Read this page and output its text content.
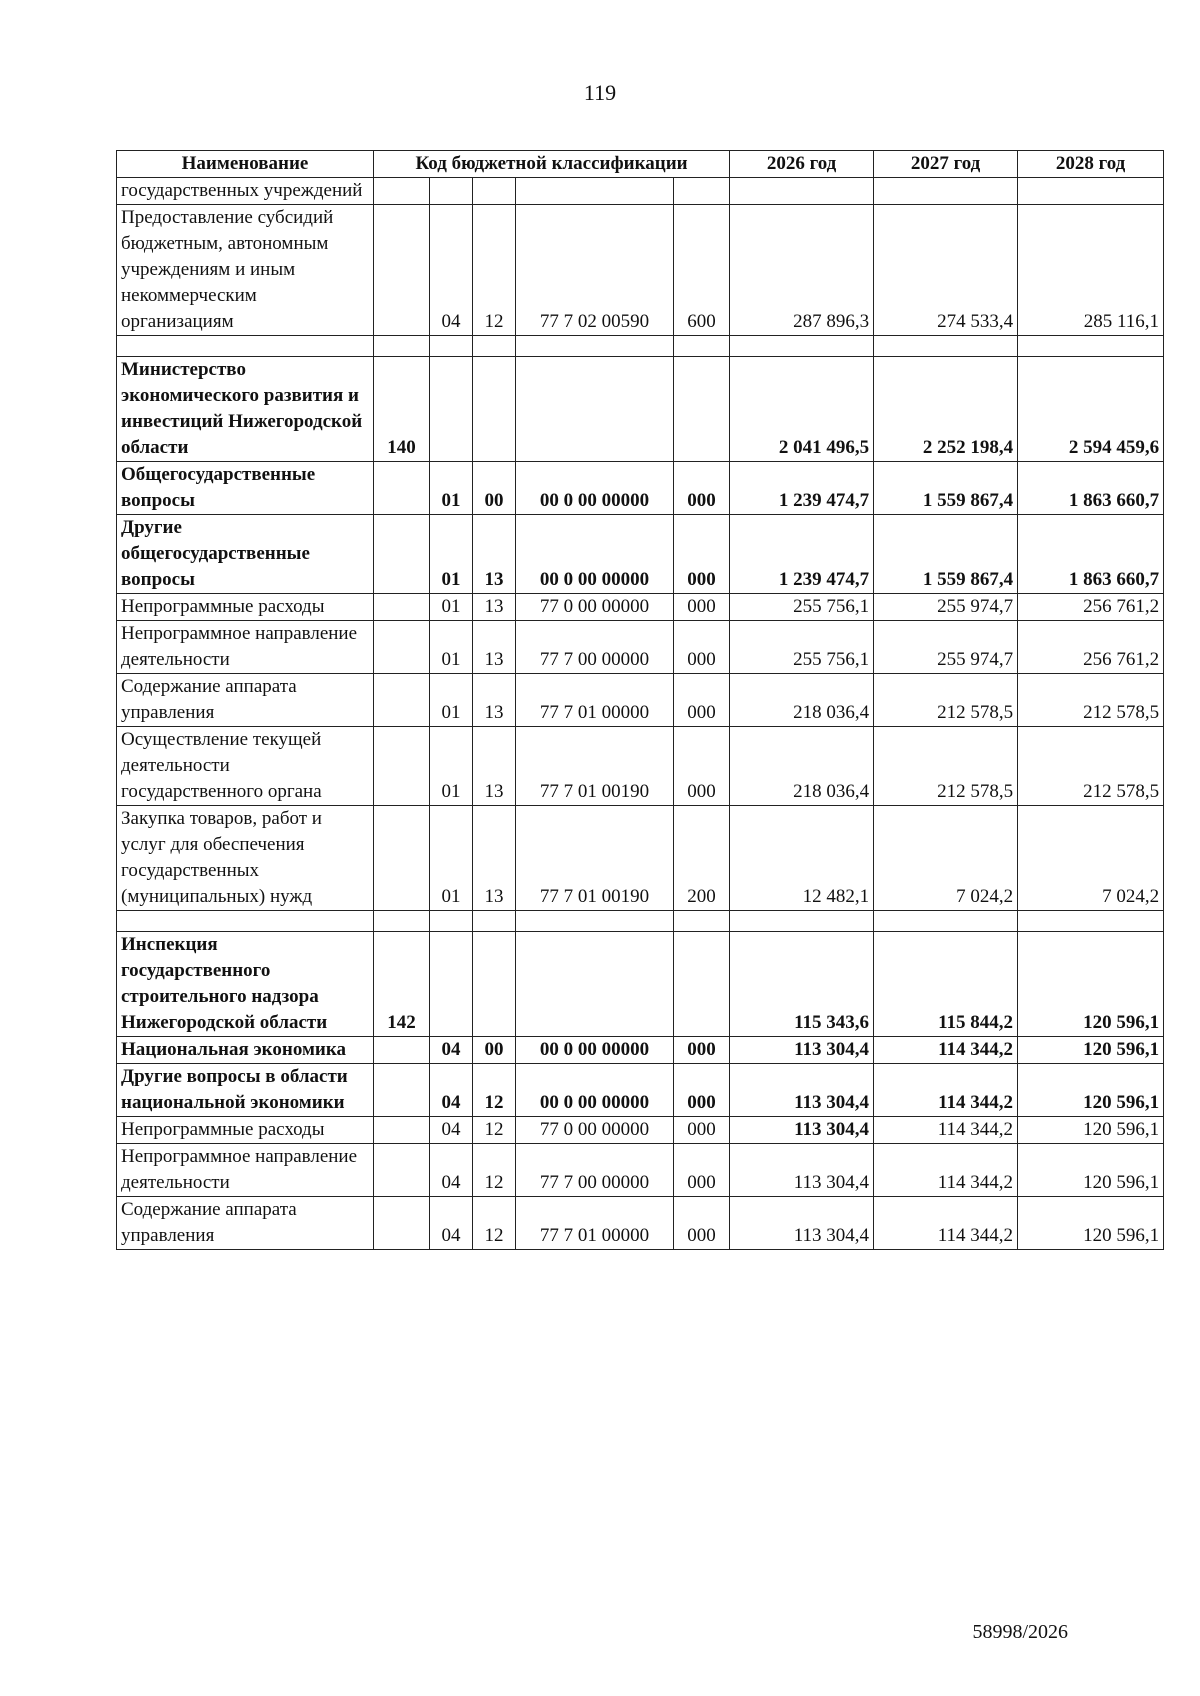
119
Наименование	Код бюджетной классификации					2026 год	2027 год	2028 год
государственных учреждений								
Предоставление субсидий бюджетным, автономным учреждениям и иным некоммерческим организациям		04	12	77 7 02 00590	600	287 896,3	274 533,4	285 116,1

Министерство экономического развития и инвестиций Нижегородской области	140					2 041 496,5	2 252 198,4	2 594 459,6
Общегосударственные вопросы		01	00	00 0 00 00000	000	1 239 474,7	1 559 867,4	1 863 660,7
Другие общегосударственные вопросы		01	13	00 0 00 00000	000	1 239 474,7	1 559 867,4	1 863 660,7
Непрограммные расходы		01	13	77 0 00 00000	000	255 756,1	255 974,7	256 761,2
Непрограммное направление деятельности		01	13	77 7 00 00000	000	255 756,1	255 974,7	256 761,2
Содержание аппарата управления		01	13	77 7 01 00000	000	218 036,4	212 578,5	212 578,5
Осуществление текущей деятельности государственного органа		01	13	77 7 01 00190	000	218 036,4	212 578,5	212 578,5
Закупка товаров, работ и услуг для обеспечения государственных (муниципальных) нужд		01	13	77 7 01 00190	200	12 482,1	7 024,2	7 024,2

Инспекция государственного строительного надзора Нижегородской области	142					115 343,6	115 844,2	120 596,1
Национальная экономика		04	00	00 0 00 00000	000	113 304,4	114 344,2	120 596,1
Другие вопросы в области национальной экономики		04	12	00 0 00 00000	000	113 304,4	114 344,2	120 596,1
Непрограммные расходы		04	12	77 0 00 00000	000	113 304,4	114 344,2	120 596,1
Непрограммное направление деятельности		04	12	77 7 00 00000	000	113 304,4	114 344,2	120 596,1
Содержание аппарата управления		04	12	77 7 01 00000	000	113 304,4	114 344,2	120 596,1
58998/2026
